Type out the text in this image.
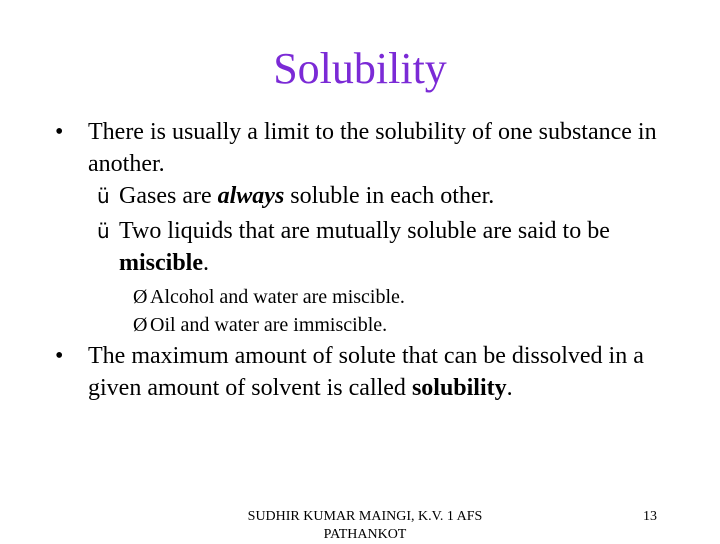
Solubility
• There is usually a limit to the solubility of one substance in another.
ü Gases are always soluble in each other.
ü Two liquids that are mutually soluble are said to be miscible.
Ø Alcohol and water are miscible.
Ø Oil and water are immiscible.
• The maximum amount of solute that can be dissolved in a given amount of solvent is called solubility.
SUDHIR KUMAR MAINGI, K.V. 1 AFS PATHANKOT
13
